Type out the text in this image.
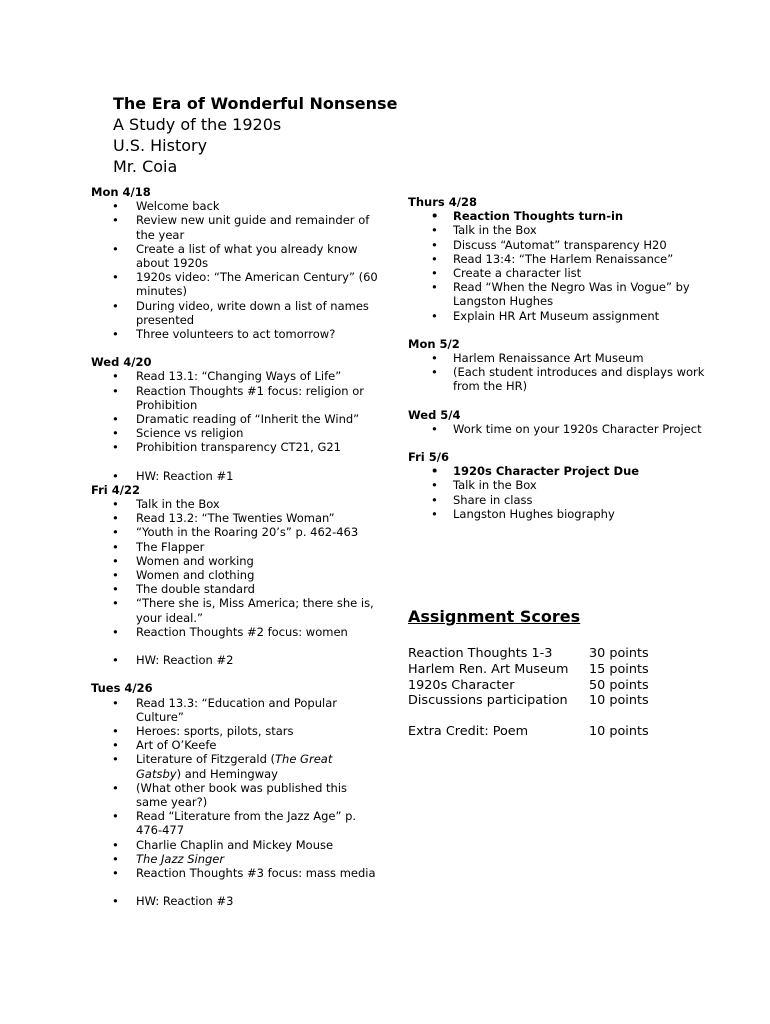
The Era of Wonderful Nonsense
A Study of the 1920s
U.S. History
Mr. Coia
Mon 4/18
• Welcome back
• Review new unit guide and remainder of the year
• Create a list of what you already know about 1920s
• 1920s video: “The American Century” (60 minutes)
• During video, write down a list of names presented
• Three volunteers to act tomorrow?
Wed 4/20
• Read 13.1: “Changing Ways of Life”
• Reaction Thoughts #1 focus: religion or Prohibition
• Dramatic reading of “Inherit the Wind”
• Science vs religion
• Prohibition transparency CT21, G21
• HW: Reaction #1
Fri 4/22
• Talk in the Box
• Read 13.2: “The Twenties Woman”
• “Youth in the Roaring 20’s” p. 462-463
• The Flapper
• Women and working
• Women and clothing
• The double standard
• “There she is, Miss America; there she is, your ideal.”
• Reaction Thoughts #2 focus: women
• HW: Reaction #2
Tues 4/26
• Read 13.3: “Education and Popular Culture”
• Heroes: sports, pilots, stars
• Art of O’Keefe
• Literature of Fitzgerald (The Great Gatsby) and Hemingway
• (What other book was published this same year?)
• Read “Literature from the Jazz Age” p. 476-477
• Charlie Chaplin and Mickey Mouse
• The Jazz Singer
• Reaction Thoughts #3 focus: mass media
• HW: Reaction #3
Thurs 4/28
• Reaction Thoughts turn-in
• Talk in the Box
• Discuss “Automat” transparency H20
• Read 13:4: “The Harlem Renaissance”
• Create a character list
• Read “When the Negro Was in Vogue” by Langston Hughes
• Explain HR Art Museum assignment
Mon 5/2
• Harlem Renaissance Art Museum
• (Each student introduces and displays work from the HR)
Wed 5/4
• Work time on your 1920s Character Project
Fri 5/6
• 1920s Character Project Due
• Talk in the Box
• Share in class
• Langston Hughes biography
Assignment Scores
Reaction Thoughts 1-3	30 points
Harlem Ren. Art Museum	15 points
1920s Character	50 points
Discussions participation	10 points
Extra Credit: Poem	10 points
